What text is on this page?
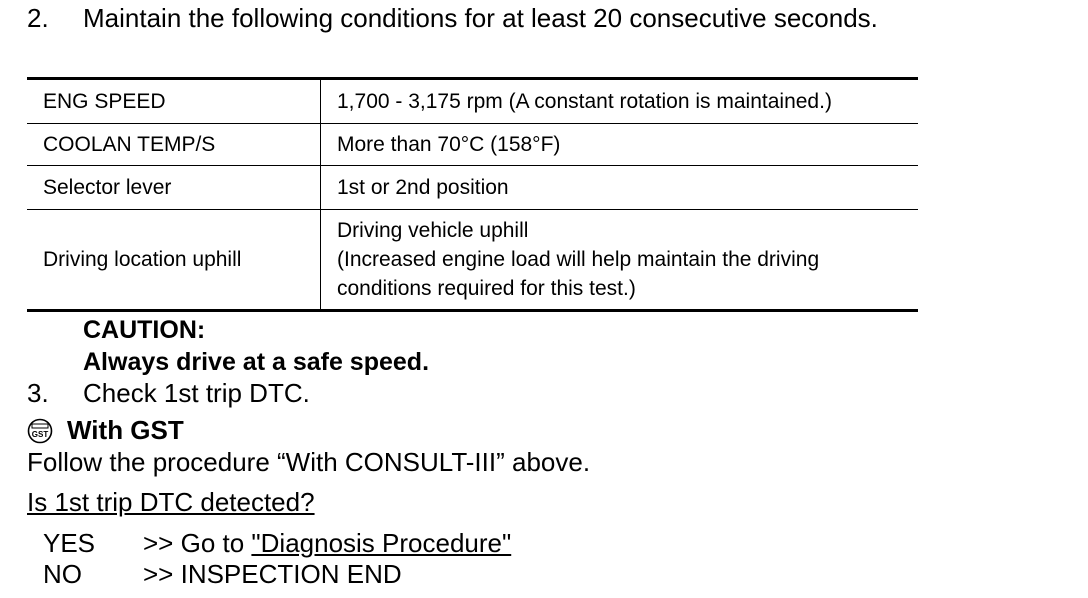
2. Maintain the following conditions for at least 20 consecutive seconds.
ENG SPEED	1,700 - 3,175 rpm (A constant rotation is maintained.)
COOLAN TEMP/S	More than 70°C (158°F)
Selector lever	1st or 2nd position
Driving location uphill	Driving vehicle uphill
(Increased engine load will help maintain the driving
conditions required for this test.)
CAUTION:
Always drive at a safe speed.
3. Check 1st trip DTC.
GST With GST
Follow the procedure “With CONSULT-III” above.
Is 1st trip DTC detected?
YES >> Go to "Diagnosis Procedure"
NO >> INSPECTION END
